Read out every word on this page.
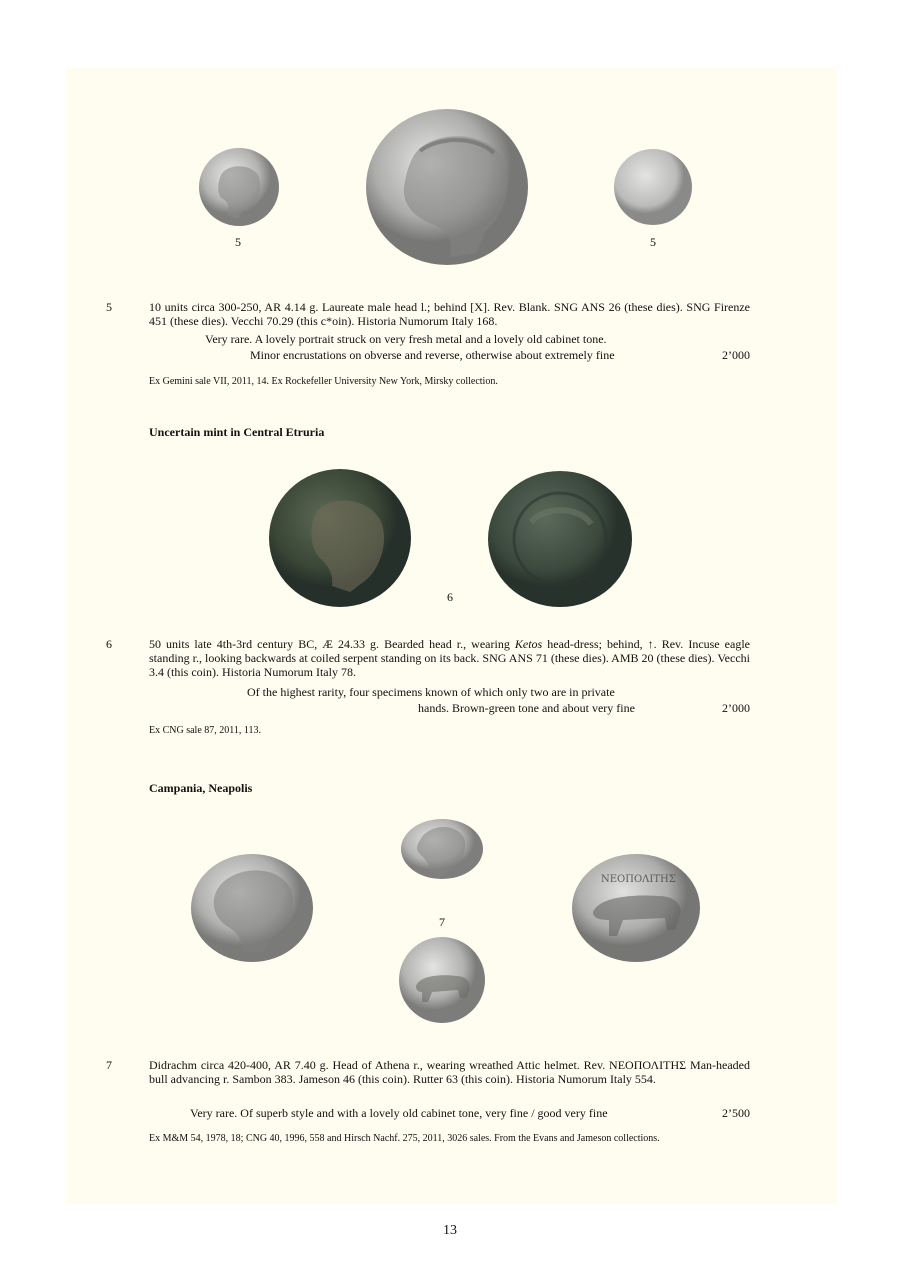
5	5
5	10 units circa 300-250, AR 4.14 g. Laureate male head l.; behind [X]. Rev. Blank. SNG ANS 26 (these dies). SNG Firenze 451 (these dies). Vecchi 70.29 (this c*oin). Historia Numorum Italy 168.

Very rare. A lovely portrait struck on very fresh metal and a lovely old cabinet tone.
Minor encrustations on obverse and reverse, otherwise about extremely fine	2’000

Ex Gemini sale VII, 2011, 14. Ex Rockefeller University New York, Mirsky collection.

Uncertain mint in Central Etruria
6
6	50 units late 4th-3rd century BC, Æ 24.33 g. Bearded head r., wearing Ketos head-dress; behind, ↑. Rev. Incuse eagle standing r., looking backwards at coiled serpent standing on its back. SNG ANS 71 (these dies). AMB 20 (these dies). Vecchi 3.4 (this coin). Historia Numorum Italy 78.

Of the highest rarity, four specimens known of which only two are in private
hands. Brown-green tone and about very fine	2’000

Ex CNG sale 87, 2011, 113.

Campania, Neapolis
7
ΝΕΟΠΟΛΙΤΗΣ
7	Didrachm circa 420-400, AR 7.40 g. Head of Athena r., wearing wreathed Attic helmet. Rev. ΝΕΟΠΟΛΙΤΗΣ Man-headed bull advancing r. Sambon 383. Jameson 46 (this coin). Rutter 63 (this coin). Historia Numorum Italy 554.

Very rare. Of superb style and with a lovely old cabinet tone, very fine / good very fine	2’500

Ex M&M 54, 1978, 18; CNG 40, 1996, 558 and Hirsch Nachf. 275, 2011, 3026 sales. From the Evans and Jameson collections.

13
